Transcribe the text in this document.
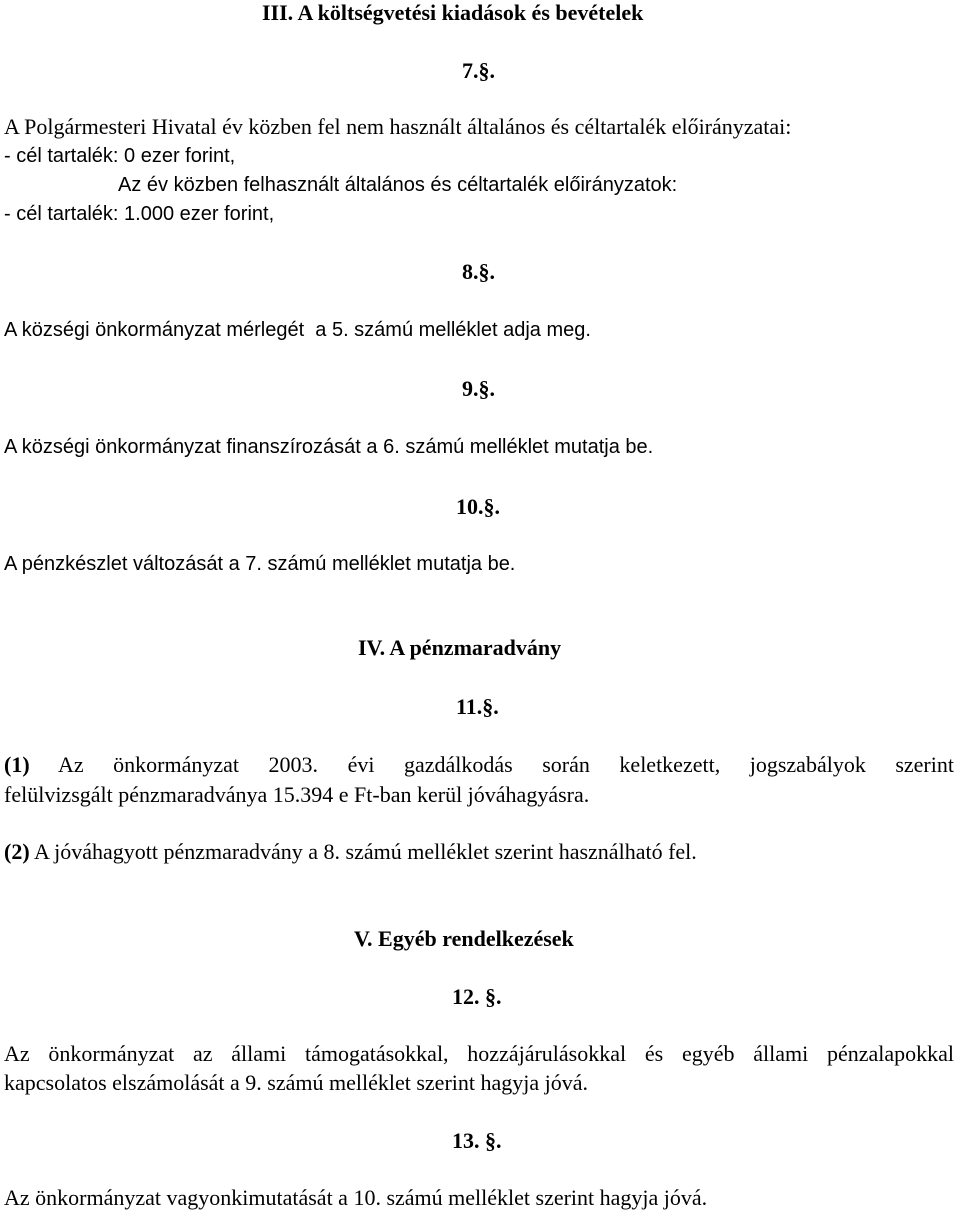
III. A költségvetési kiadások és bevételek
7.§.
A Polgármesteri Hivatal év közben fel nem használt általános és céltartalék előirányzatai:
- cél tartalék: 0 ezer forint,
Az év közben felhasznált általános és céltartalék előirányzatok:
- cél tartalék: 1.000 ezer forint,
8.§.
A községi önkormányzat mérlegét  a 5. számú melléklet adja meg.
9.§.
A községi önkormányzat finanszírozását a 6. számú melléklet mutatja be.
10.§.
A pénzkészlet változását a 7. számú melléklet mutatja be.
IV. A pénzmaradvány
11.§.
(1) Az önkormányzat 2003. évi gazdálkodás során keletkezett, jogszabályok szerint
felülvizsgált pénzmaradványa 15.394 e Ft-ban kerül jóváhagyásra.
(2) A jóváhagyott pénzmaradvány a 8. számú melléklet szerint használható fel.
V. Egyéb rendelkezések
12. §.
Az önkormányzat az állami támogatásokkal, hozzájárulásokkal és egyéb állami pénzalapokkal
kapcsolatos elszámolását a 9. számú melléklet szerint hagyja jóvá.
13. §.
Az önkormányzat vagyonkimutatását a 10. számú melléklet szerint hagyja jóvá.
